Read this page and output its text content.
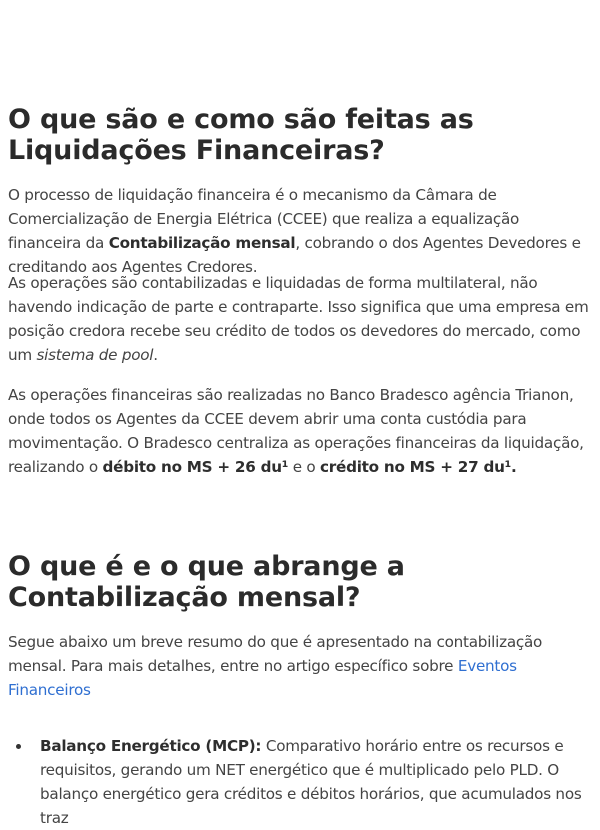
O que são e como são feitas as Liquidações Financeiras?

O processo de liquidação financeira é o mecanismo da Câmara de Comercialização de Energia Elétrica (CCEE) que realiza a equalização financeira da Contabilização mensal, cobrando o dos Agentes Devedores e creditando aos Agentes Credores.

As operações são contabilizadas e liquidadas de forma multilateral, não havendo indicação de parte e contraparte. Isso significa que uma empresa em posição credora recebe seu crédito de todos os devedores do mercado, como um sistema de pool.

As operações financeiras são realizadas no Banco Bradesco agência Trianon, onde todos os Agentes da CCEE devem abrir uma conta custódia para movimentação. O Bradesco centraliza as operações financeiras da liquidação, realizando o débito no MS + 26 du¹ e o crédito no MS + 27 du¹.

O que é e o que abrange a Contabilização mensal?

Segue abaixo um breve resumo do que é apresentado na contabilização mensal. Para mais detalhes, entre no artigo específico sobre Eventos Financeiros

Balanço Energético (MCP): Comparativo horário entre os recursos e requisitos, gerando um NET energético que é multiplicado pelo PLD. O balanço energético gera créditos e débitos horários, que acumulados nos traz
